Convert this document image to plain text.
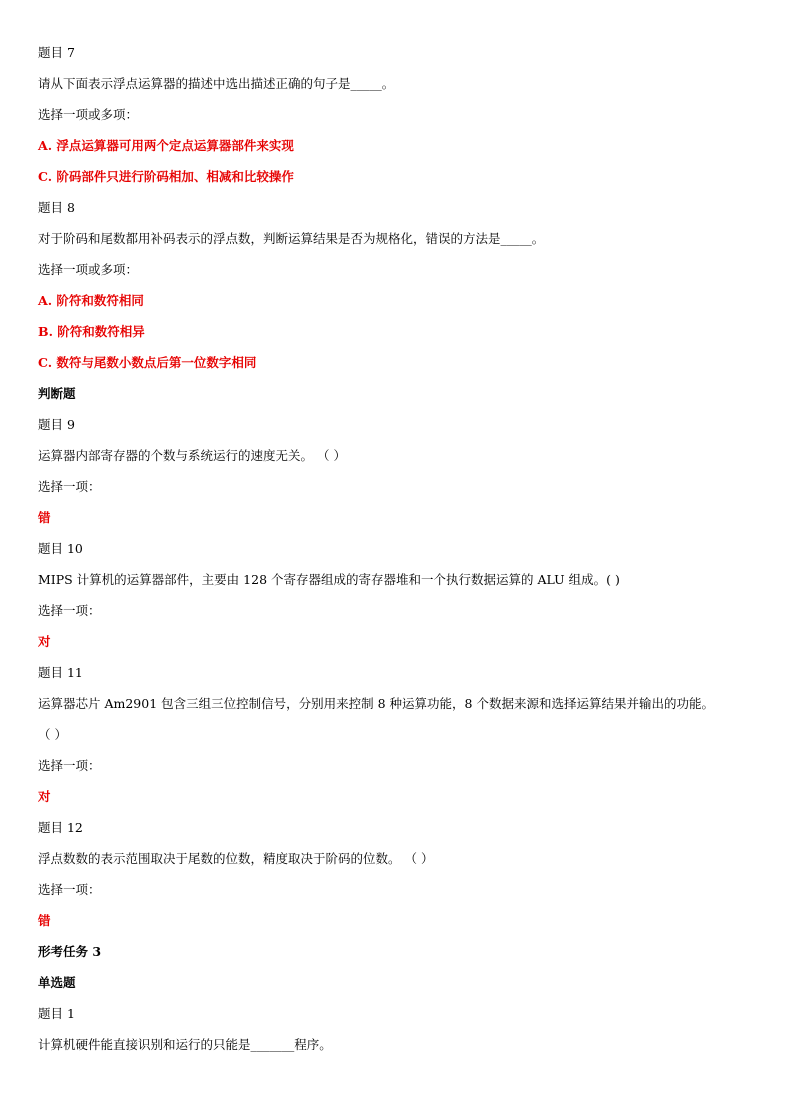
题目 7
请从下面表示浮点运算器的描述中选出描述正确的句子是_____。
选择一项或多项：
A. 浮点运算器可用两个定点运算器部件来实现
C. 阶码部件只进行阶码相加、相减和比较操作
题目 8
对于阶码和尾数都用补码表示的浮点数，判断运算结果是否为规格化，错误的方法是_____。
选择一项或多项：
A. 阶符和数符相同
B. 阶符和数符相异
C. 数符与尾数小数点后第一位数字相同
判断题
题目 9
运算器内部寄存器的个数与系统运行的速度无关。 （ ）
选择一项：
错
题目 10
MIPS 计算机的运算器部件，主要由 128 个寄存器组成的寄存器堆和一个执行数据运算的 ALU 组成。( )
选择一项：
对
题目 11
运算器芯片 Am2901 包含三组三位控制信号，分别用来控制 8 种运算功能，8 个数据来源和选择运算结果并输出的功能。
（ ）
选择一项：
对
题目 12
浮点数数的表示范围取决于尾数的位数，精度取决于阶码的位数。 （ ）
选择一项：
错
形考任务 3
单选题
题目 1
计算机硬件能直接识别和运行的只能是_______程序。
